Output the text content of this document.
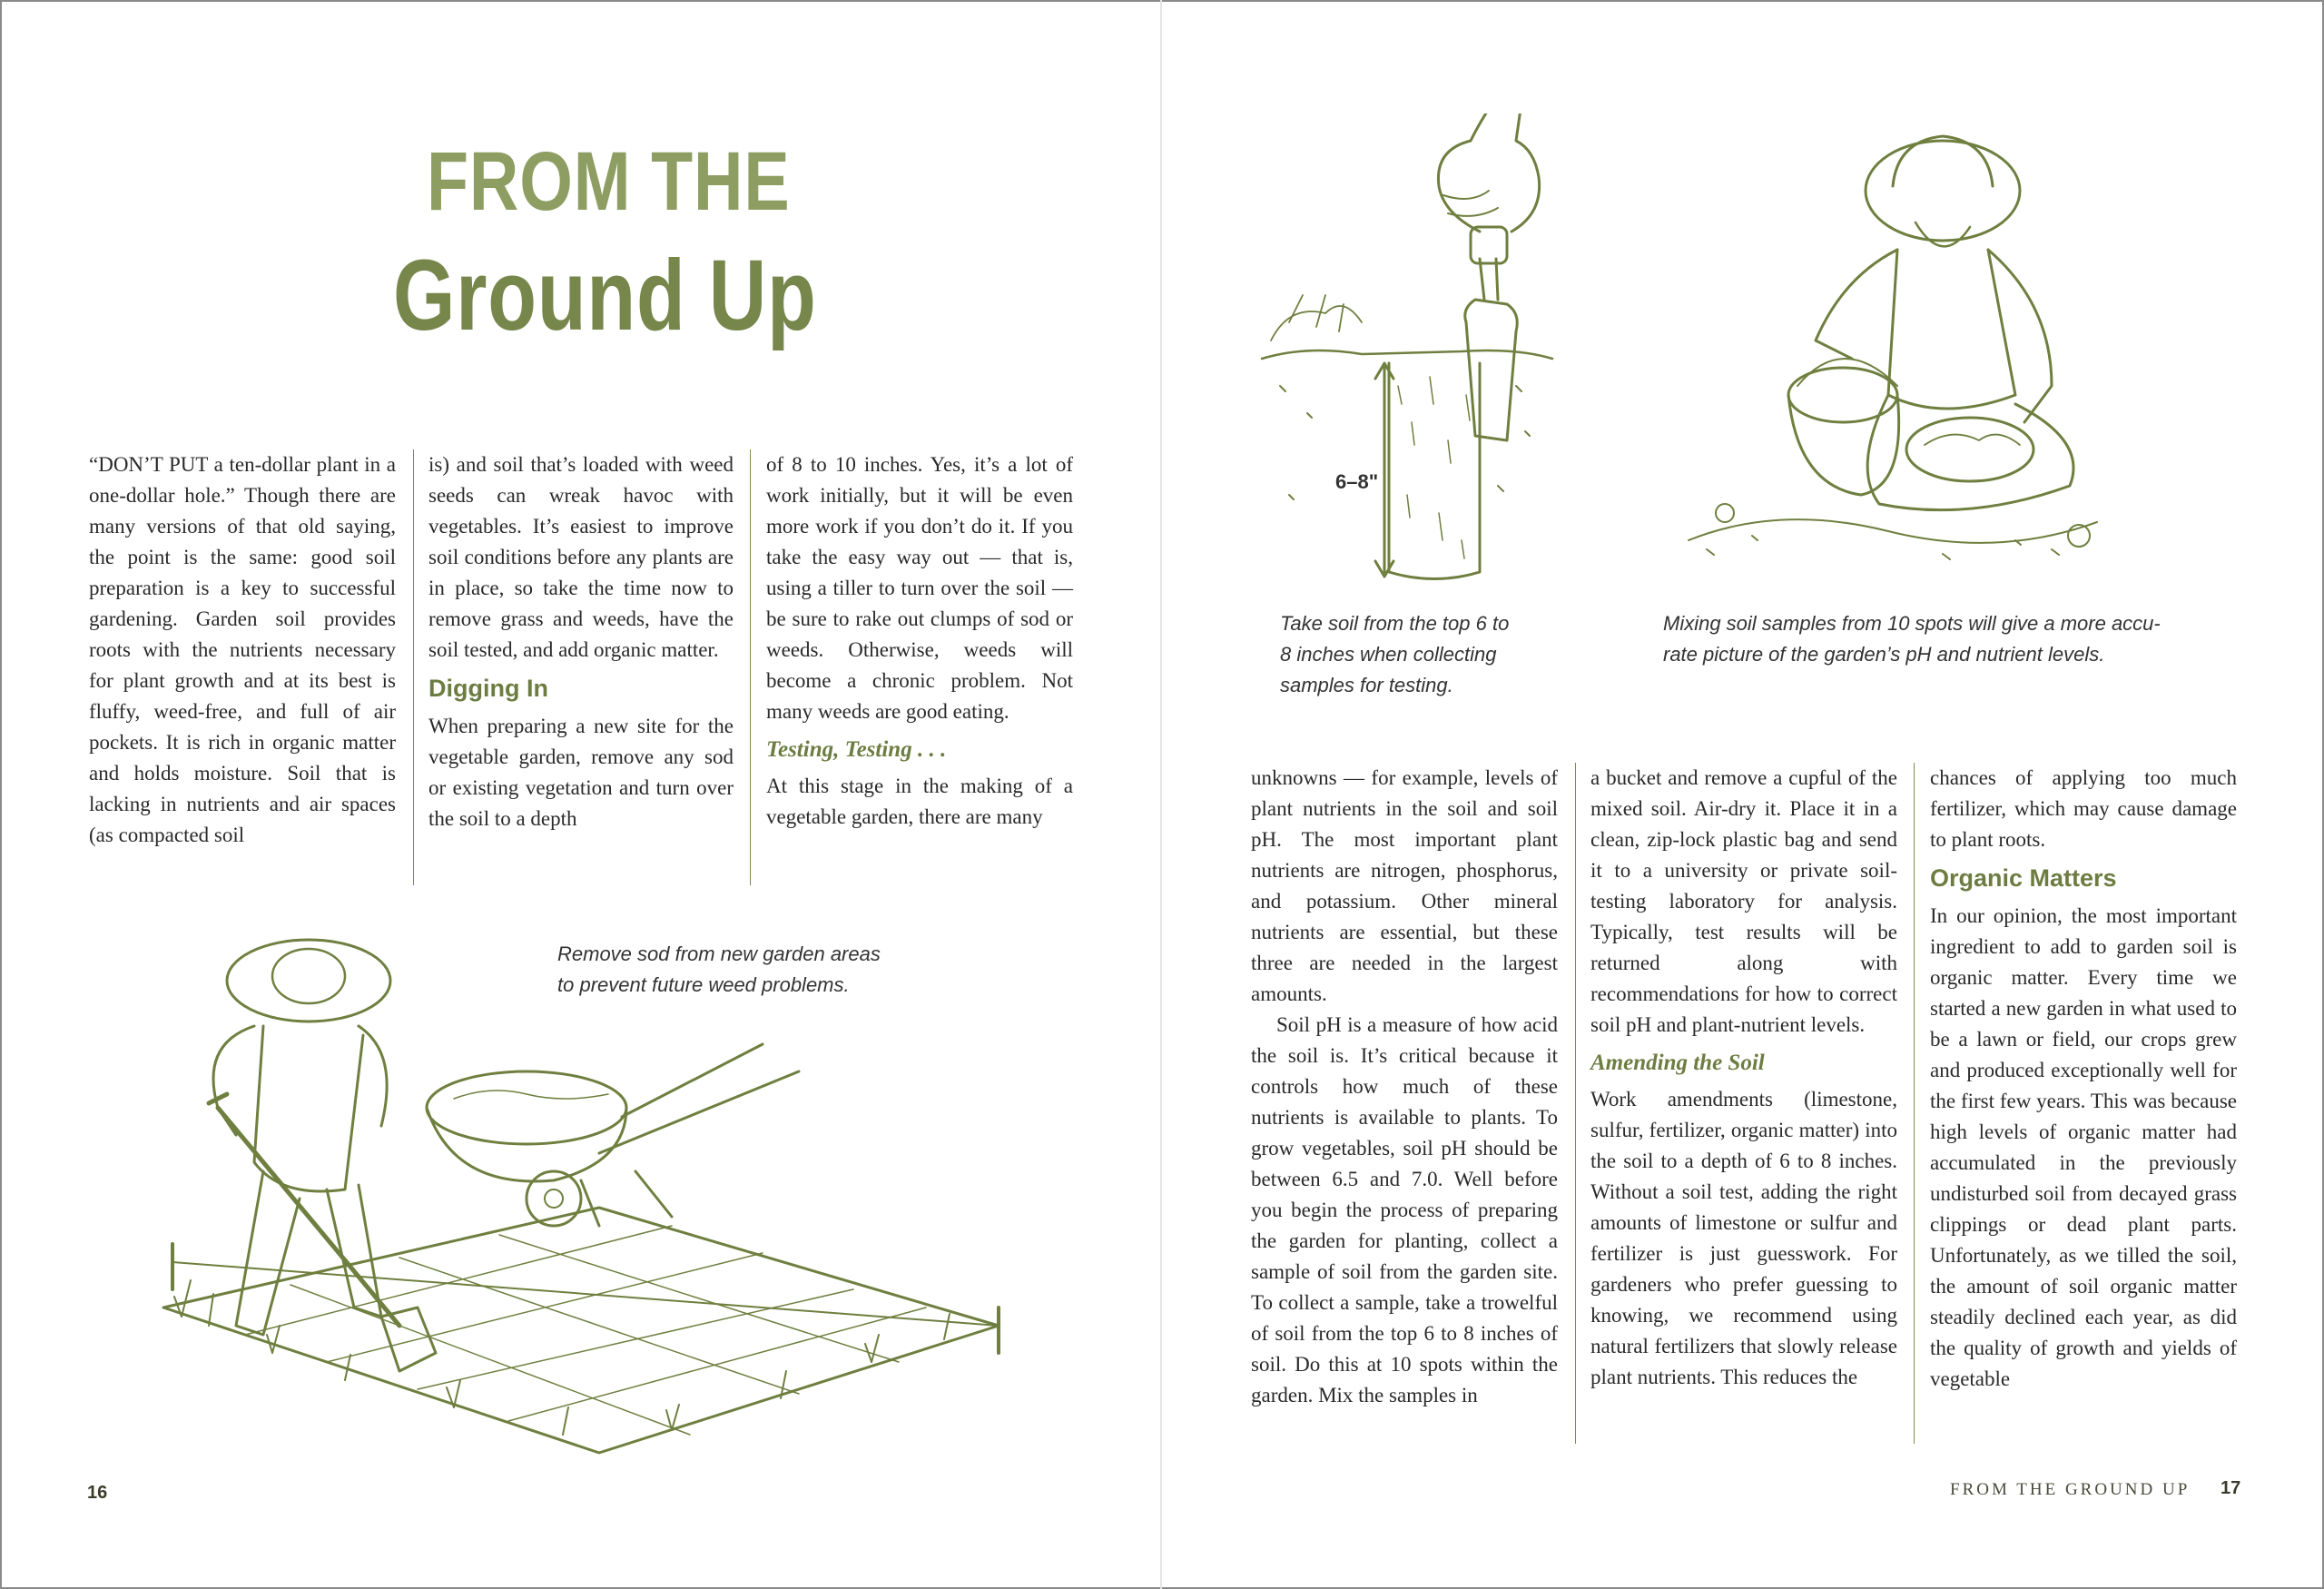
FROM THE
Ground Up

“DON’T PUT a ten-dollar plant in a one-dollar hole.” Though there are many versions of that old saying, the point is the same: good soil preparation is a key to successful gardening. Garden soil provides roots with the nutrients necessary for plant growth and at its best is fluffy, weed-free, and full of air pockets. It is rich in organic matter and holds moisture. Soil that is lacking in nutrients and air spaces (as compacted soil

is) and soil that’s loaded with weed seeds can wreak havoc with vegetables. It’s easiest to improve soil conditions before any plants are in place, so take the time now to remove grass and weeds, have the soil tested, and add organic matter.

Digging In

When preparing a new site for the vegetable garden, remove any sod or existing vegetation and turn over the soil to a depth

of 8 to 10 inches. Yes, it’s a lot of work initially, but it will be even more work if you don’t do it. If you take the easy way out — that is, using a tiller to turn over the soil — be sure to rake out clumps of sod or weeds. Otherwise, weeds will become a chronic problem. Not many weeds are good eating.

Testing, Testing . . .

At this stage in the making of a vegetable garden, there are many

Remove sod from new garden areas
to prevent future weed problems.
16
6–8"
Take soil from the top 6 to
8 inches when collecting
samples for testing.
Mixing soil samples from 10 spots will give a more accu-
rate picture of the garden’s pH and nutrient levels.

unknowns — for example, levels of plant nutrients in the soil and soil pH. The most important plant nutrients are nitrogen, phosphorus, and potassium. Other mineral nutrients are essential, but these three are needed in the largest amounts.

Soil pH is a measure of how acid the soil is. It’s critical because it controls how much of these nutrients is available to plants. To grow vegetables, soil pH should be between 6.5 and 7.0. Well before you begin the process of preparing the garden for planting, collect a sample of soil from the garden site. To collect a sample, take a trowelful of soil from the top 6 to 8 inches of soil. Do this at 10 spots within the garden. Mix the samples in

a bucket and remove a cupful of the mixed soil. Air-dry it. Place it in a clean, zip-lock plastic bag and send it to a university or private soil-testing laboratory for analysis. Typically, test results will be returned along with recommendations for how to correct soil pH and plant-nutrient levels.

Amending the Soil

Work amendments (limestone, sulfur, fertilizer, organic matter) into the soil to a depth of 6 to 8 inches. Without a soil test, adding the right amounts of limestone or sulfur and fertilizer is just guesswork. For gardeners who prefer guessing to knowing, we recommend using natural fertilizers that slowly release plant nutrients. This reduces the

chances of applying too much fertilizer, which may cause damage to plant roots.

Organic Matters

In our opinion, the most important ingredient to add to garden soil is organic matter. Every time we started a new garden in what used to be a lawn or field, our crops grew and produced exceptionally well for the first few years. This was because high levels of organic matter had accumulated in the previously undisturbed soil from decayed grass clippings or dead plant parts. Unfortunately, as we tilled the soil, the amount of soil organic matter steadily declined each year, as did the quality of growth and yields of vegetable

FROM THE GROUND UP 17
